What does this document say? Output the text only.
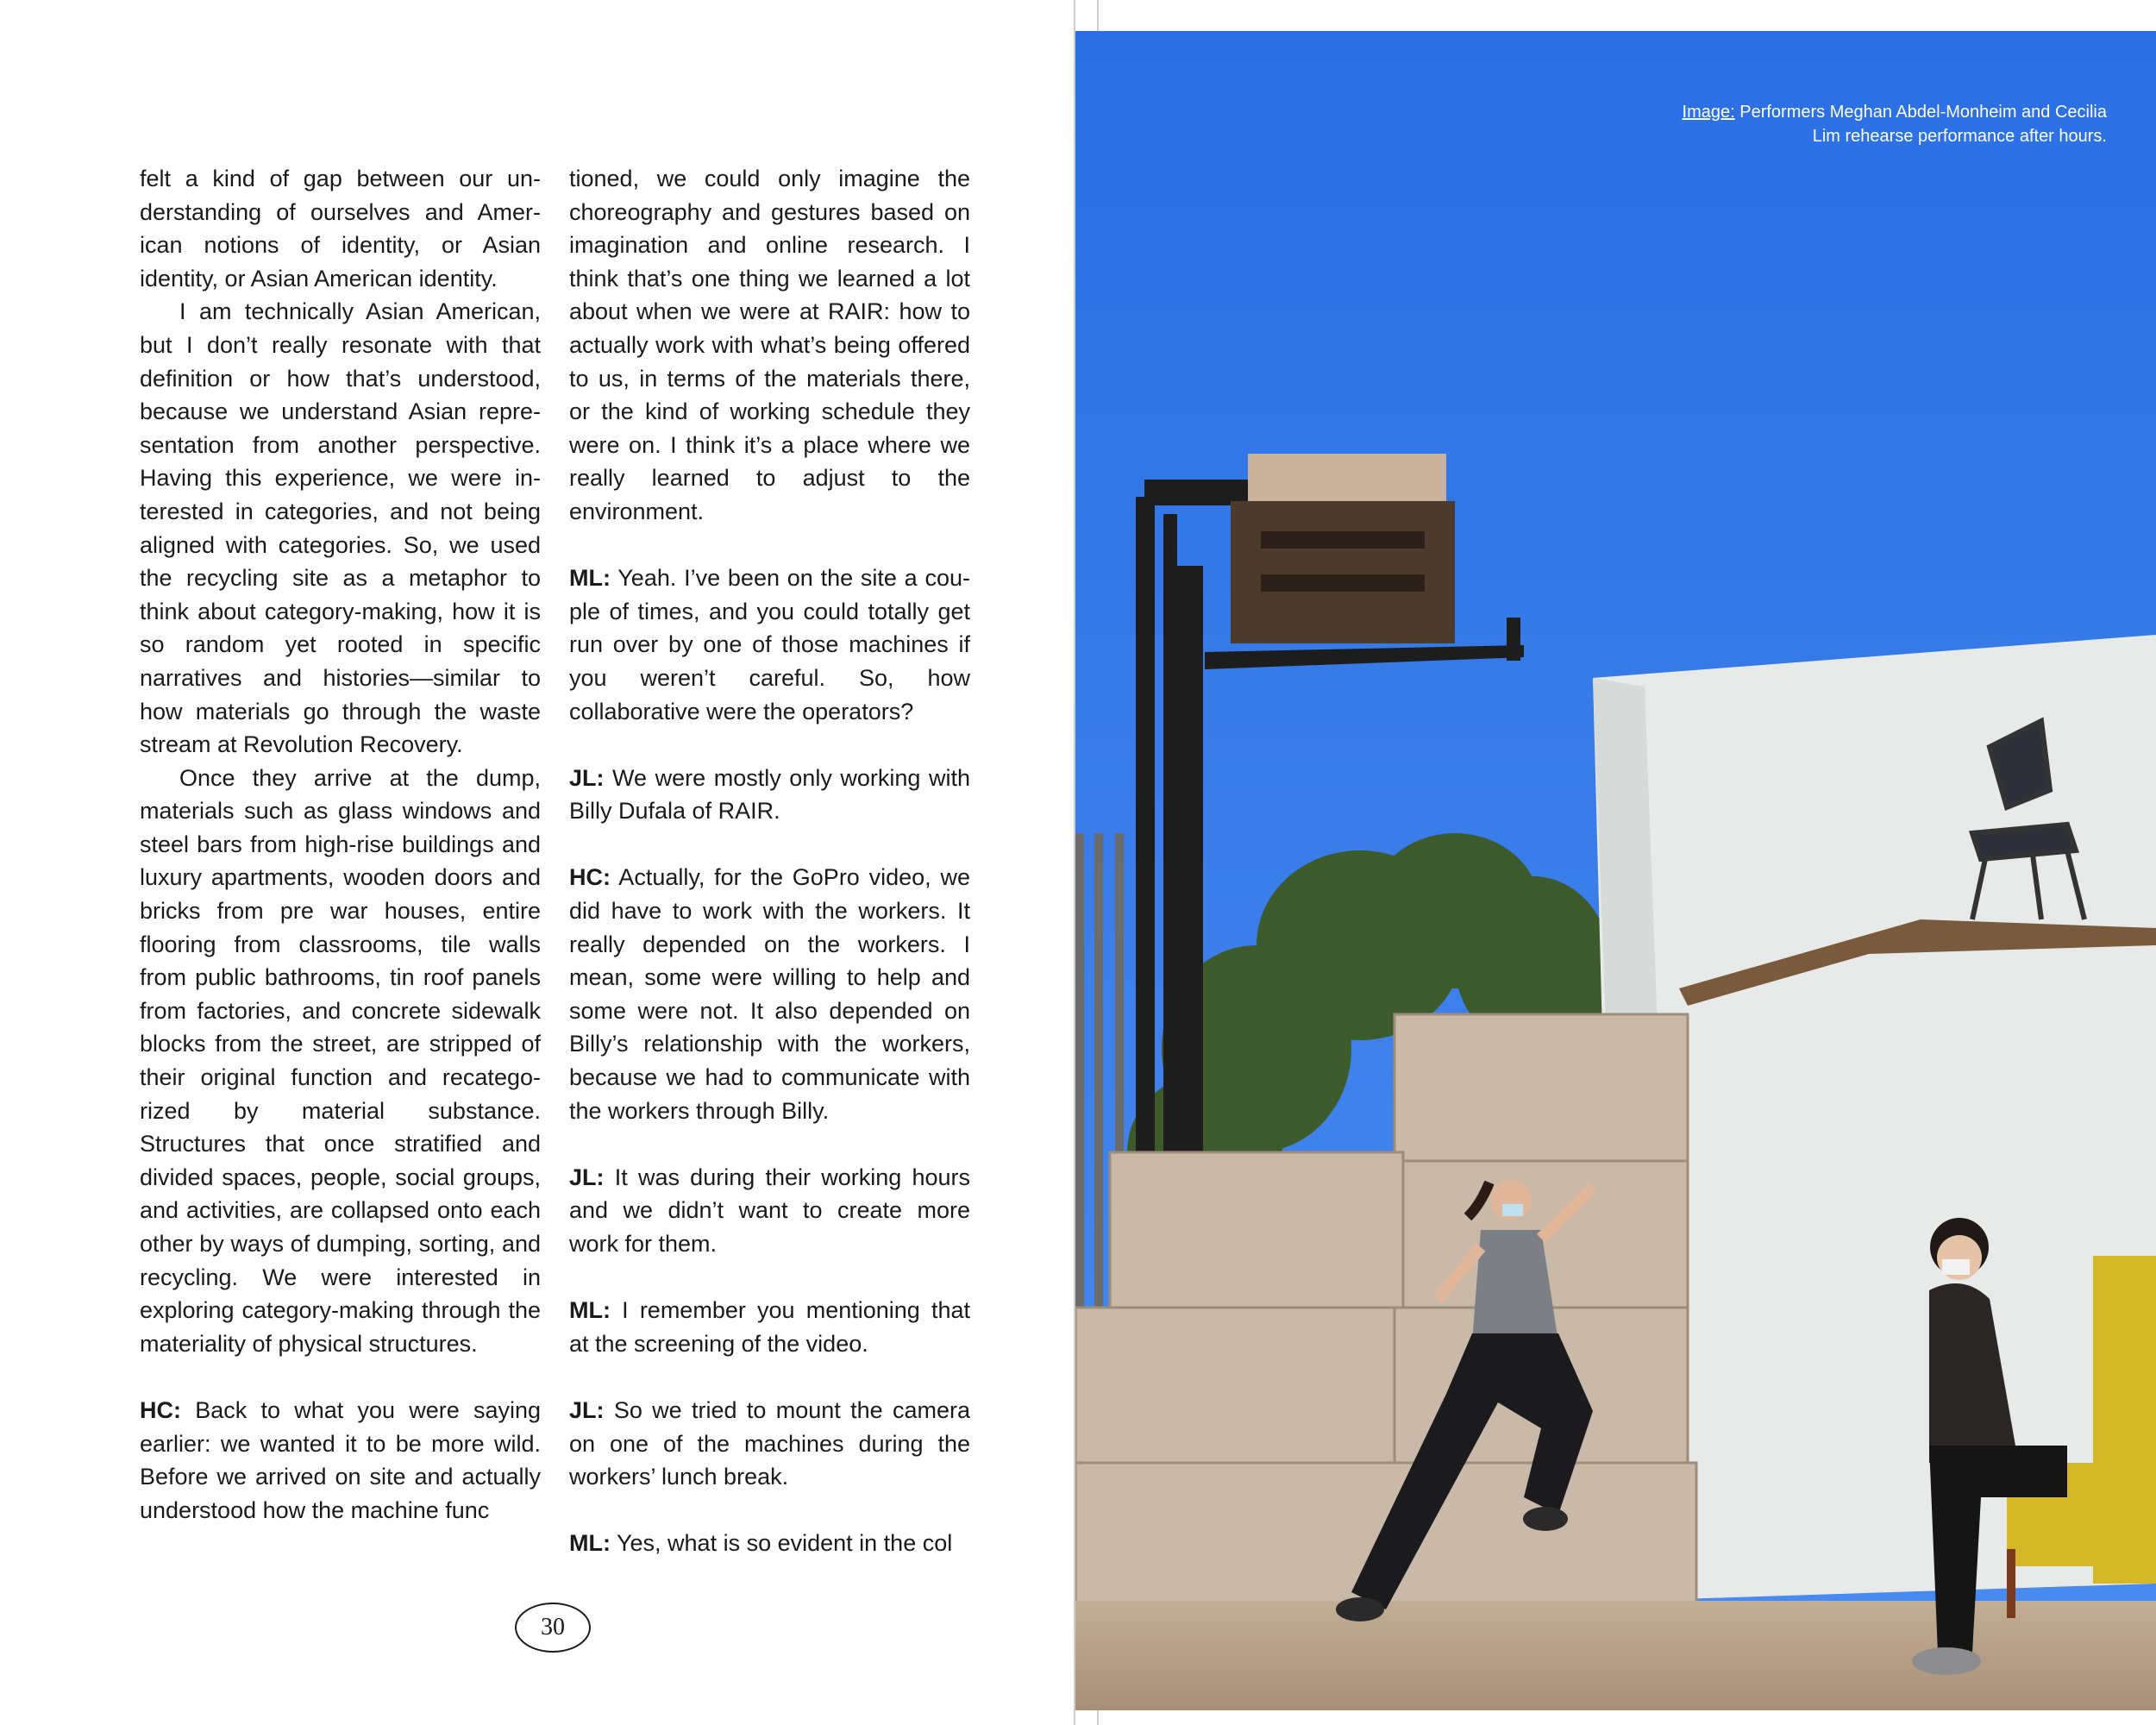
felt a kind of gap between our understanding of ourselves and American notions of identity, or Asian identity, or Asian American identity.

I am technically Asian American, but I don’t really resonate with that definition or how that’s understood, because we understand Asian representation from another perspective. Having this experience, we were interested in categories, and not being aligned with categories. So, we used the recycling site as a metaphor to think about category-making, how it is so random yet rooted in specific narratives and histories—similar to how materials go through the waste stream at Revolution Recovery.

Once they arrive at the dump, materials such as glass windows and steel bars from high-rise buildings and luxury apartments, wooden doors and bricks from pre war houses, entire flooring from classrooms, tile walls from public bathrooms, tin roof panels from factories, and concrete sidewalk blocks from the street, are stripped of their original function and recategorized by material substance. Structures that once stratified and divided spaces, people, social groups, and activities, are collapsed onto each other by ways of dumping, sorting, and recycling. We were interested in exploring category-making through the materiality of physical structures.

HC: Back to what you were saying earlier: we wanted it to be more wild. Before we arrived on site and actually understood how the machine func

tioned, we could only imagine the choreography and gestures based on imagination and online research. I think that’s one thing we learned a lot about when we were at RAIR: how to actually work with what’s being offered to us, in terms of the materials there, or the kind of working schedule they were on. I think it’s a place where we really learned to adjust to the environment.

ML: Yeah. I’ve been on the site a couple of times, and you could totally get run over by one of those machines if you weren’t careful. So, how collaborative were the operators?

JL: We were mostly only working with Billy Dufala of RAIR.

HC: Actually, for the GoPro video, we did have to work with the workers. It really depended on the workers. I mean, some were willing to help and some were not. It also depended on Billy’s relationship with the workers, because we had to communicate with the workers through Billy.

JL: It was during their working hours and we didn’t want to create more work for them.

ML: I remember you mentioning that at the screening of the video.

JL: So we tried to mount the camera on one of the machines during the workers’ lunch break.

ML: Yes, what is so evident in the col

30
Image: Performers Meghan Abdel-Monheim and Cecilia Lim rehearse performance after hours.
